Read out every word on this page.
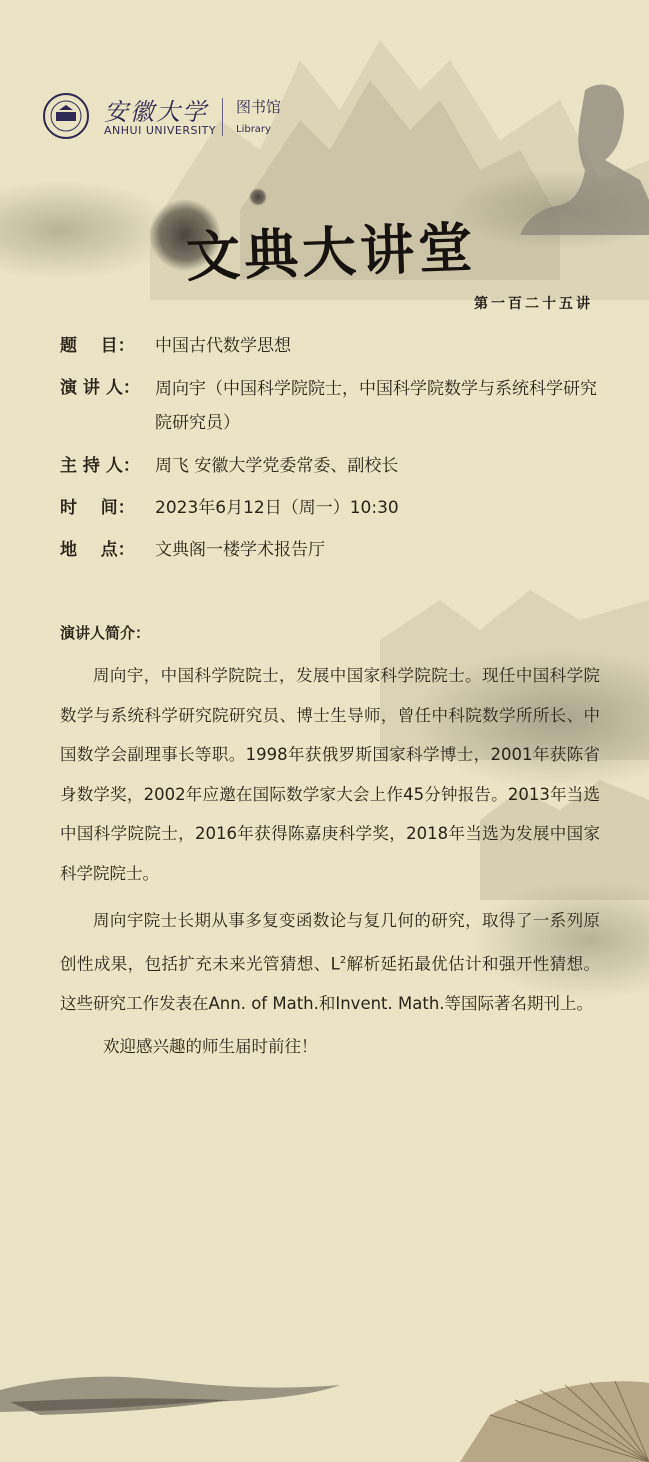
安徽大学
ANHUI UNIVERSITY
图书馆
Library
文典大讲堂
第一百二十五讲
题    目：	中国古代数学思想
演 讲 人： 周向宇（中国科学院院士，中国科学院数学与系统科学研究院研究员）
主 持 人： 周飞 安徽大学党委常委、副校长
时    间：	2023年6月12日（周一）10:30
地    点：	文典阁一楼学术报告厅
演讲人简介：

周向宇，中国科学院院士，发展中国家科学院院士。现任中国科学院数学与系统科学研究院研究员、博士生导师，曾任中科院数学所所长、中国数学会副理事长等职。1998年获俄罗斯国家科学博士，2001年获陈省身数学奖，2002年应邀在国际数学家大会上作45分钟报告。2013年当选中国科学院院士，2016年获得陈嘉庚科学奖，2018年当选为发展中国家科学院院士。

周向宇院士长期从事多复变函数论与复几何的研究，取得了一系列原创性成果，包括扩充未来光管猜想、$L^2$解析延拓最优估计和强开性猜想。这些研究工作发表在Ann. of Math.和Invent. Math.等国际著名期刊上。

欢迎感兴趣的师生届时前往！
